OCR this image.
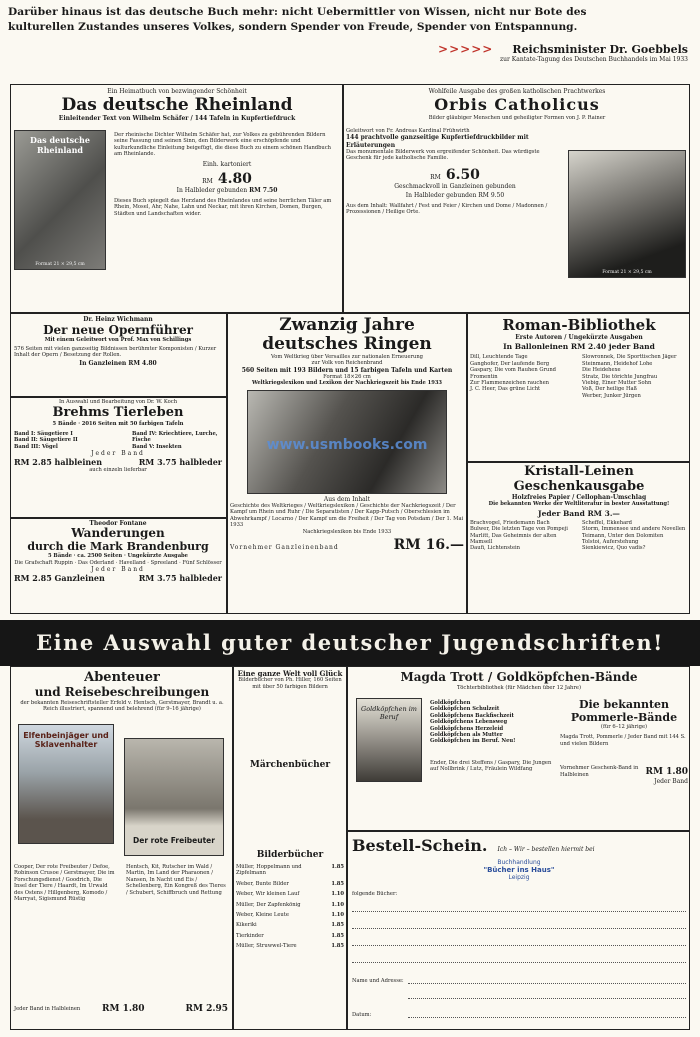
Darüber hinaus ist das deutsche Buch mehr: nicht Uebermittler von Wissen, nicht nur Bote des
kulturellen Zustandes unseres Volkes, sondern Spender von Freude, Spender von Entspannung.
>>>>> Reichsminister Dr. Goebbels
zur Kantate-Tagung des Deutschen Buchhandels im Mai 1933
Ein Heimatbuch von bezwingender Schönheit
Das deutsche Rheinland
Einleitender Text von Wilhelm Schäfer / 144 Tafeln in Kupfertiefdruck
Das deutsche Rheinland
Format 21 × 29,5 cm
Der rheinische Dichter Wilhelm Schäfer hat, zur Volkes zu gebührenden Bildern seine Fassung und seinen Sinn, den Bilderwerk eine erschöpfende und kulturkundliche Einleitung beigefügt, die diese Buch zu einem schönen Handbuch am Rheinlande.
Einh. kartoniert
RM 4.80
In Halbleder gebunden RM 7.50
Dieses Buch spiegelt das Herzland des Rheinlandes und seine herrlichen Täler am Rhein, Mosel, Ahr, Nahe, Lahn und Neckar, mit ihren Kirchen, Domen, Burgen, Städten und Landschaften wider.
Wohlfeile Ausgabe des großen katholischen Prachtwerkes
Orbis Catholicus
Bilder gläubiger Menschen und geheiligter Formen von J. P. Rainer
Geleitwort von Fr. Andreas Kardinal Frühwirth
144 prachtvolle ganzseitige Kupfertiefdruckbilder mit Erläuterungen
Das monumentale Bilderwerk von ergreifender Schönheit. Das würdigste Geschenk für jede katholische Familie.
RM 6.50
Geschmackvoll in Ganzleinen gebunden
In Halbleder gebunden RM 9.50
Aus dem Inhalt: Wallfahrt / Fest und Feier / Kirchen und Dome / Madonnen / Prozessionen / Heilige Orte.
Format 21 × 29,5 cm
Dr. Heinz Wichmann
Der neue Opernführer
Mit einem Geleitwort von Prof. Max von Schillings
576 Seiten mit vielen ganzseitig Bildnissen berühmter Komponisten / Kurzer Inhalt der Opern / Besetzung der Rollen.
In Ganzleinen RM 4.80
In Auswahl und Bearbeitung von Dr. W. Koch
Brehms Tierleben
5 Bände · 2016 Seiten mit 50 farbigen Tafeln
Band I: Säugetiere I
Band II: Säugetiere II
Band III: Vögel
Band IV: Kriechtiere, Lurche, Fische
Band V: Insekten
Jeder Band
RM 2.85 halbleinen	RM 3.75 halbleder
auch einzeln lieferbar
Theodor Fontane
Wanderungen
durch die Mark Brandenburg
5 Bände · ca. 2500 Seiten · Ungekürzte Ausgabe
Die Grafschaft Ruppin · Das Oderland · Havelland · Spreeland · Fünf Schlösser
Jeder Band
RM 2.85 Ganzleinen	RM 3.75 halbleder
Zwanzig Jahre
deutsches Ringen
Vom Weltkrieg über Versailles zur nationalen Erneuerung
zur Volk von Reichenbrand
560 Seiten mit 193 Bildern und 15 farbigen Tafeln und Karten
Format 18×26 cm
Weltkriegslexikon und Lexikon der Nachkriegszeit bis Ende 1933
www.usmbooks.com
Aus dem Inhalt
Geschichte des Weltkrieges / Weltkriegslexikon / Geschichte der Nachkriegszeit / Der Kampf um Rhein und Ruhr / Die Separatisten / Der Kapp-Putsch / Oberschlesien im Abwehrkampf / Locarno / Der Kampf um die Freiheit / Der Tag von Potsdam / Der 1. Mai 1933
Nachkriegslexikon bis Ende 1933
Vornehmer Ganzleinenband	RM 16.—
Roman-Bibliothek
Erste Autoren / Ungekürzte Ausgaben
In Ballonleinen RM 2.40 jeder Band
Dill, Leuchtende Tage
Ganghofer, Der laufende Berg
Gaspary, Die vom Rauhen Grund
Fromentin
Zur Flammenzeichen rauchen
J. C. Heer, Das grüne Licht
Slowronnek, Die Sporttischen Jäger
Steinmann, Heidehof Lohe
Die Heidehexe
Stratz, Die törichte Jungfrau
Viebig, Einer Mutter Sohn
Voß, Der heilige Haß
Werber, Junker Jürgen
Kristall-Leinen
Geschenkausgabe
Holzfreies Papier / Cellophan-Umschlag
Die bekannten Werke der Weltliteratur in bester Ausstattung!
Jeder Band RM 3.—
Brachvogel, Friedemann Bach
Bulwer, Die letzten Tage von Pompeji
Marlitt, Das Geheimnis der alten Mamsell
Daufi, Lichtenstein
Scheffel, Ekkehard
Storm, Immensee und andere Novellen
Teimann, Unter den Dolomiten
Tolstoi, Auferstehung
Sienkiewicz, Quo vadis?
Eine Auswahl guter deutscher Jugendschriften!
Abenteuer
und Reisebeschreibungen
der bekannten Reiseschriftsteller Erfeld v. Hentsch, Gerstmayer, Brandt u. a.
Reich illustriert, spannend und belehrend (für 9–16 jährige)
Elfenbeinjäger und Sklavenhalter
Der rote Freibeuter
Cooper, Der rote Freibeuter / Defoe, Robinson Crusoe / Gerstmayer, Die im Forschungsdienst / Goodrich, Die Insel der Tiere / Haardt, Im Urwald des Ostens / Hillgenberg, Komodo / Marryat, Sigismund Rüstig
Hentsch, Kit, Rutscher im Wald / Martin, Im Land der Pharaonen / Nansen, In Nacht und Eis / Schellenberg, Ein Kongreß des Tieres / Schubert, Schiffbruch und Rettung
Jeder Band in Halbleinen	RM 1.80	RM 2.95
Eine ganze Welt voll Glück
Bilderbücher von Ph. Hiller, 160 Seiten mit über 50 farbigen Bildern
Märchenbücher
Bilderbücher
Müller, Hoppelmann und Zipfelmann
1.85
Weber, Bunte Bilder	1.85
Weber, Wir kleinen Lauf	1.10
Müller, Der Zapfenkönig	1.10
Weber, Kleine Leute	1.10
Kikeriki	1.85
Tierkinder	1.85
Müller, Struwwel-Tiere	1.85
Magda Trott / Goldköpfchen-Bände
Töchterbibliothek (für Mädchen über 12 Jahre)
Goldköpfchen im Beruf
Goldköpfchen
Goldköpfchen Schulzeit
Goldköpfchens Backfischzeit
Goldköpfchens Lebensweg
Goldköpfchens Herzeleid
Goldköpfchen als Mutter
Goldköpfchen im Beruf. Neu!
Ender, Die drei Steffens / Gaspary, Die Jungen auf Nollbrink / Lutz, Fräulein Wildfang
Die bekannten
Pommerle-Bände
(für 6–12 jährige)
Magda Trott, Pommerle / Jeder Band mit 144 S. und vielen Bildern
Vornehmer Geschenk-Band in Halbleinen	RM 1.80
Jeder Band
Bestell-Schein. Ich – Wir – bestellen hiermit bei
Buchhandlung
"Bücher ins Haus"
Leipzig
folgende Bücher:
Name und Adresse:
Datum:
